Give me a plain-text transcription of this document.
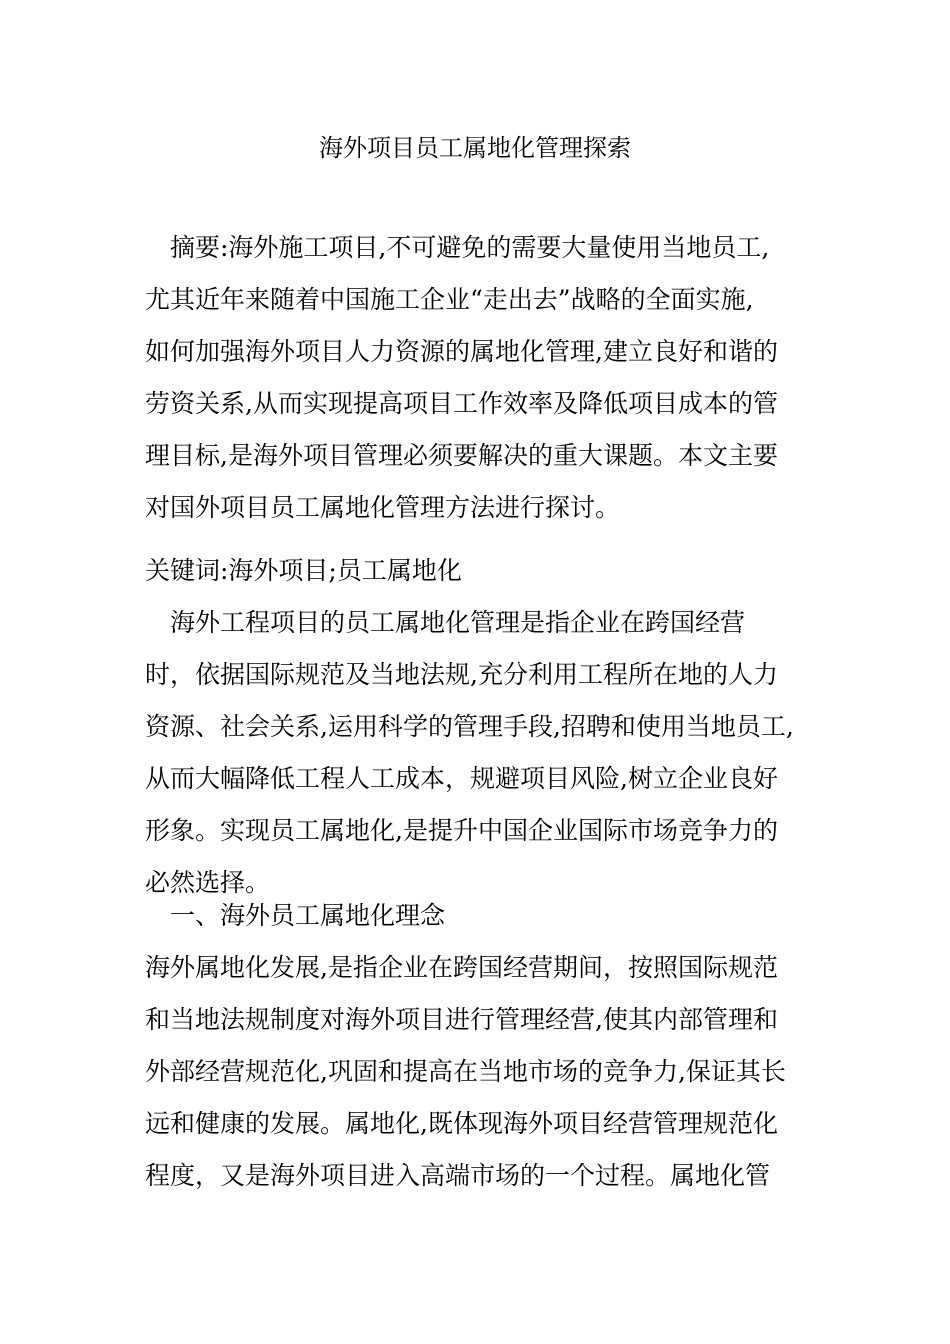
海外项目员工属地化管理探索
　摘要:海外施工项目,不可避免的需要大量使用当地员工,
尤其近年来随着中国施工企业“走出去”战略的全面实施,
如何加强海外项目人力资源的属地化管理,建立良好和谐的
劳资关系,从而实现提高项目工作效率及降低项目成本的管
理目标,是海外项目管理必须要解决的重大课题。本文主要
对国外项目员工属地化管理方法进行探讨。
关键词:海外项目;员工属地化
　海外工程项目的员工属地化管理是指企业在跨国经营
时，依据国际规范及当地法规,充分利用工程所在地的人力
资源、社会关系,运用科学的管理手段,招聘和使用当地员工,
从而大幅降低工程人工成本，规避项目风险,树立企业良好
形象。实现员工属地化,是提升中国企业国际市场竞争力的
必然选择。
　一、海外员工属地化理念
海外属地化发展,是指企业在跨国经营期间，按照国际规范
和当地法规制度对海外项目进行管理经营,使其内部管理和
外部经营规范化,巩固和提高在当地市场的竞争力,保证其长
远和健康的发展。属地化,既体现海外项目经营管理规范化
程度，又是海外项目进入高端市场的一个过程。属地化管
